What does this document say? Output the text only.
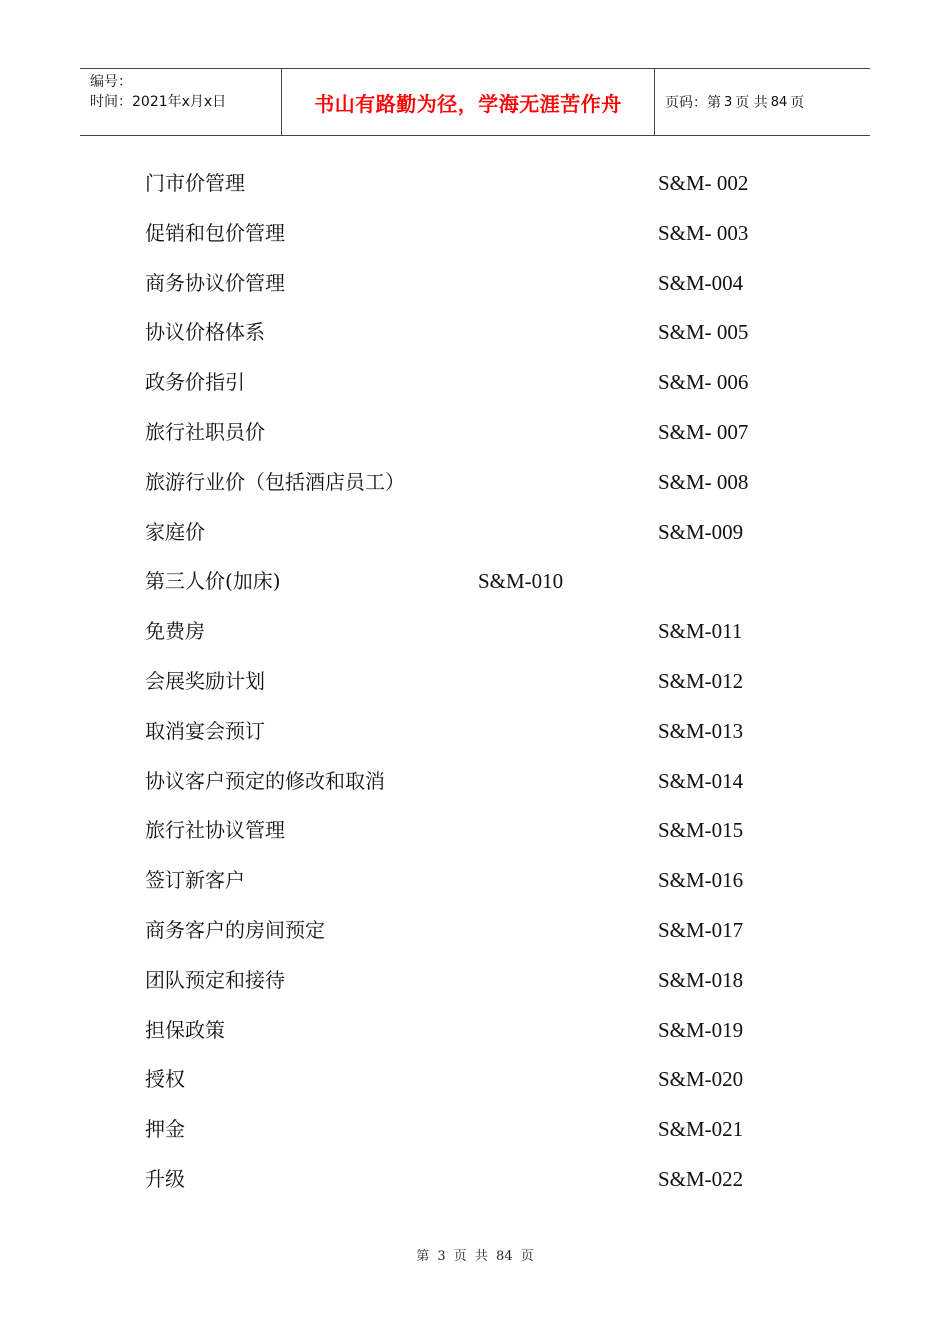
编号：
时间：2021年x月x日	书山有路勤为径，学海无涯苦作舟	页码：第 3 页 共 84 页
门市价管理	S&M- 002
促销和包价管理	S&M- 003
商务协议价管理	S&M-004
协议价格体系	S&M- 005
政务价指引	S&M- 006
旅行社职员价	S&M- 007
旅游行业价（包括酒店员工）	S&M- 008
家庭价	S&M-009
第三人价(加床)	S&M-010
免费房	S&M-011
会展奖励计划	S&M-012
取消宴会预订	S&M-013
协议客户预定的修改和取消	S&M-014
旅行社协议管理	S&M-015
签订新客户	S&M-016
商务客户的房间预定	S&M-017
团队预定和接待	S&M-018
担保政策	S&M-019
授权	S&M-020
押金	S&M-021
升级	S&M-022
第 3 页 共 84 页
